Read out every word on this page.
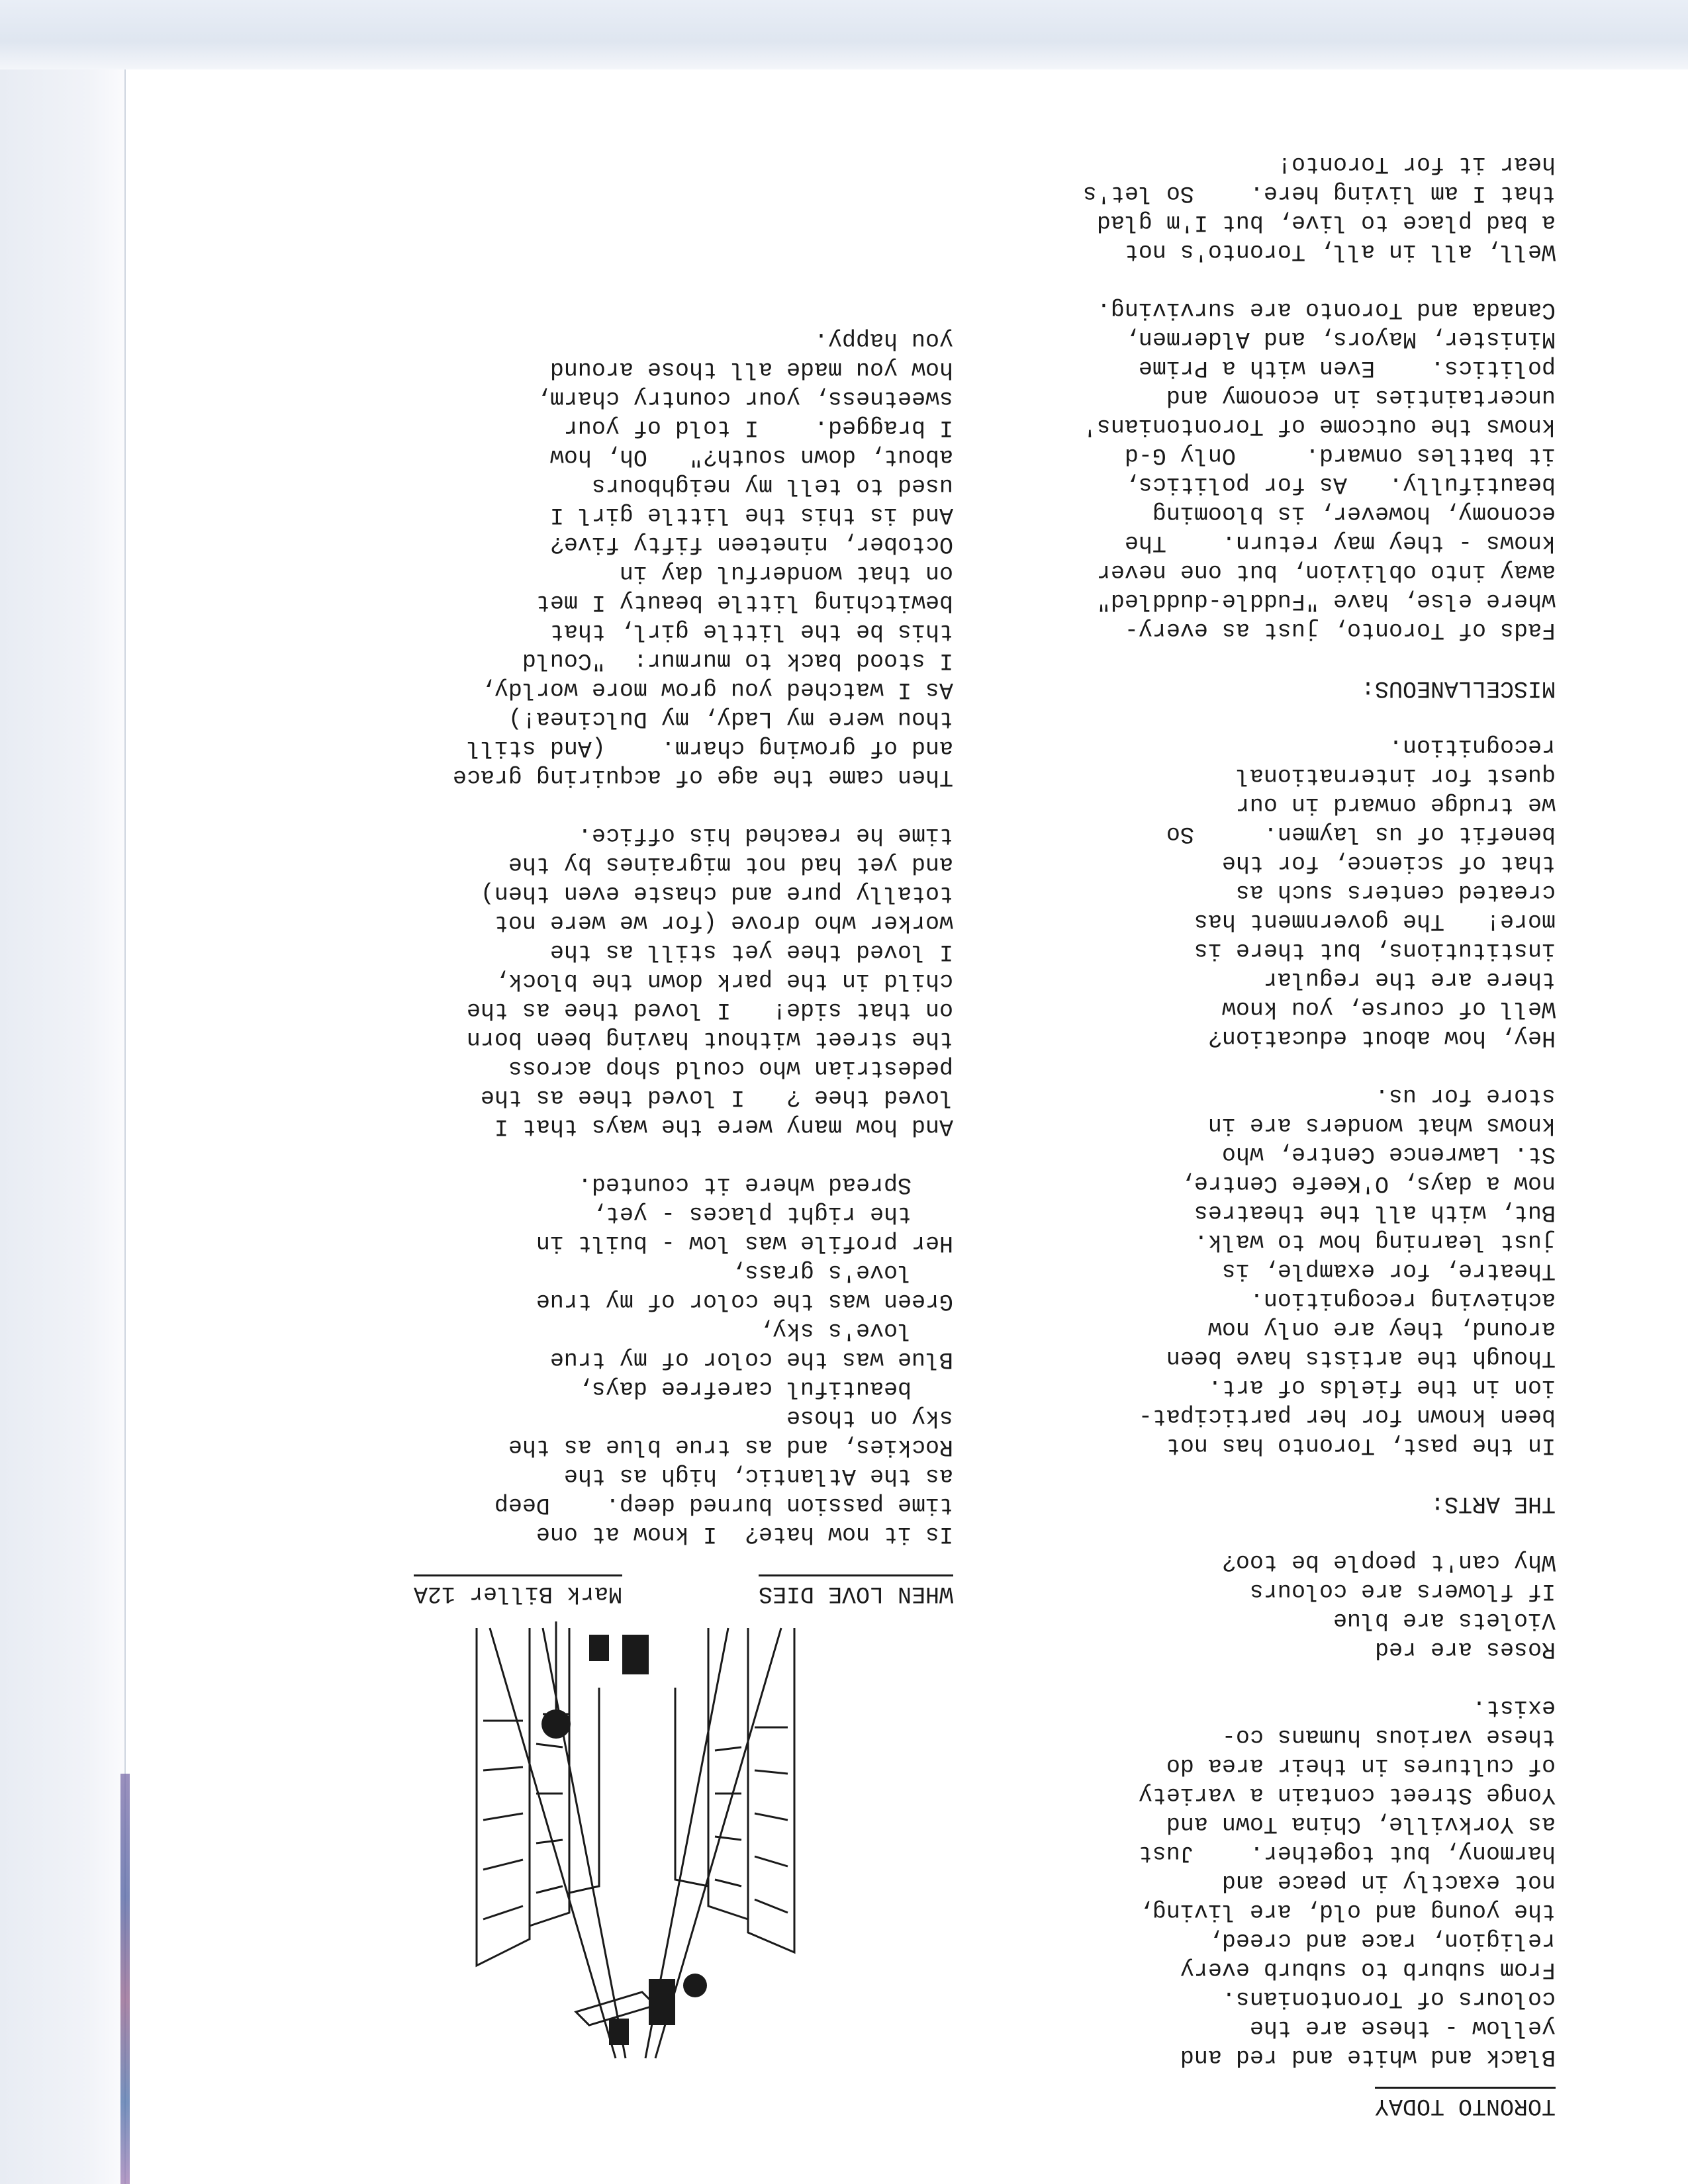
TORONTO TODAY
Black and white and red and
yellow - these are the
colours of Torontonians.
From suburb to suburb every
religion, race and creed,
the young and old, are living,
not exactly in peace and
harmony, but together.    Just
as Yorkville, China Town and
Yonge Street contain a variety
of cultures in their area do
these various humans co-
exist.
Roses are red
Violets are blue
If flowers are colours
Why can't people be too?
THE ARTS:
In the past, Toronto has not
been known for her participat-
ion in the fields of art.
Though the artists have been
around, they are only now
achieving recognition.
Theatre, for example, is
just learning how to walk.
But, with all the theatres
now a days, O'Keefe Centre,
St. Lawrence Centre, who
knows what wonders are in
store for us.
Hey, how about education?
Well of course, you know
there are the regular
institutions, but there is
more!   The government has
created centers such as
that of science, for the
benefit of us laymen.     So
we trudge onward in our
quest for international
recognition.
MISCELLANEOUS:
Fads of Toronto, just as every-
where else, have "Fuddle-duddled"
away into oblivion, but one never
knows - they may return.    The
economy, however, is blooming
beautifully.   As for politics,
it battles onward.     Only G-d
knows the outcome of Torontonians'
uncertainties in economy and
politics.    Even with a Prime
Minister, Mayors, and Aldermen,
Canada and Toronto are surviving.
Well, all in all, Toronto's not
a bad place to live, but I'm glad
that I am living here.    So let's
hear it for Toronto!
WHEN LOVE DIES
Mark Biller 12A
Is it now hate?  I know at one
time passion burned deep.    Deep
as the Atlantic, high as the
Rockies, and as true blue as the
sky on those
beautiful carefree days,
Blue was the color of my true
love's sky,
Green was the color of my true
love's grass,
Her profile was low - built in
the right places - yet,
Spread where it counted.
And how many were the ways that I
loved thee ?   I loved thee as the
pedestrian who could shop across
the street without having been born
on that side!   I loved thee as the
child in the park down the block,
I loved thee yet still as the
worker who drove (for we were not
totally pure and chaste even then)
and yet had not migraines by the
time he reached his office.
Then came the age of acquiring grace
and of growing charm.    (And still
thou were my Lady, my Dulcinea!)
As I watched you grow more worldy,
I stood back to murmur:  "Could
this be the little girl, that
bewitching little beauty I met
on that wonderful day in
October, nineteen fifty five?
And is this the little girl I
used to tell my neighbours
about, down south?"   Oh, how
I bragged.    I told of your
sweetness, your country charm,
how you made all those around
you happy.
